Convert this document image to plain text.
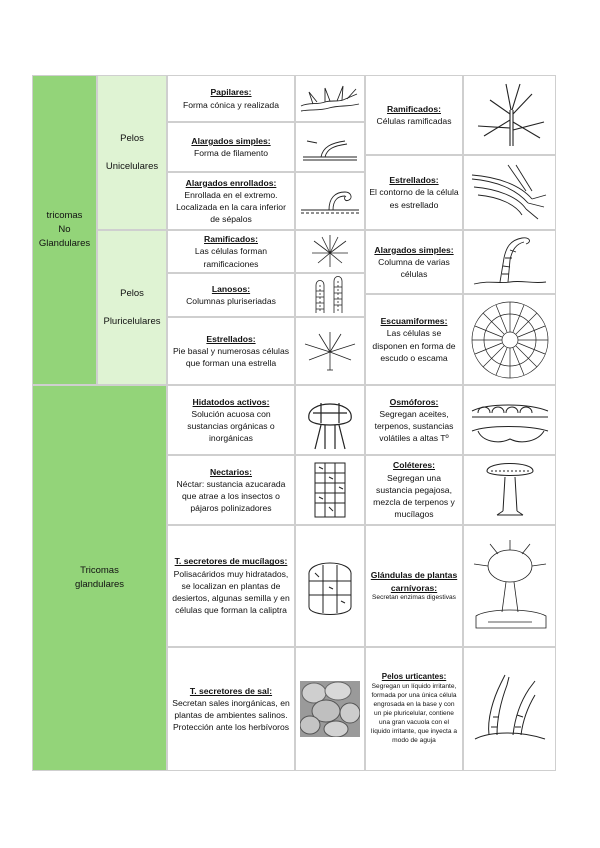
tricomas
No
Glandulares
Tricomas
glandulares
Pelos
Unicelulares
Pelos
Pluricelulares
Papilares:
Forma cónica y realizada
Alargados simples:
Forma de filamento
Alargados enrollados:
Enrollada en el extremo. Localizada en la cara inferior de sépalos
Ramificados:
Células ramificadas
Estrellados:
El contorno de la célula es estrellado
Ramificados:
Las células forman ramificaciones
Lanosos:
Columnas pluriseriadas
Estrellados:
Pie basal y numerosas células que forman una estrella
Alargados simples:
Columna de varias células
Escuamiformes:
Las células se disponen en forma de escudo o escama
Hidatodos activos:
Solución acuosa con sustancias orgánicas o inorgánicas
Nectarios:
Néctar: sustancia azucarada que atrae a los insectos o pájaros polinizadores
T. secretores de mucílagos:
Polisacáridos muy hidratados, se localizan en plantas de desiertos, algunas semilla y en células que forman la caliptra
T. secretores de sal:
Secretan sales inorgánicas, en plantas de ambientes salinos. Protección ante los herbívoros
Osmóforos:
Segregan aceites, terpenos, sustancias volátiles a altas Tº
Coléteres:
Segregan una sustancia pegajosa, mezcla de terpenos y mucílagos
Glándulas de plantas carnívoras:
Secretan enzimas digestivas
Pelos urticantes:
Segregan un líquido irritante, formada por una única célula engrosada en la base y con un pie pluricelular, contiene una gran vacuola con el líquido irritante, que inyecta a modo de aguja
